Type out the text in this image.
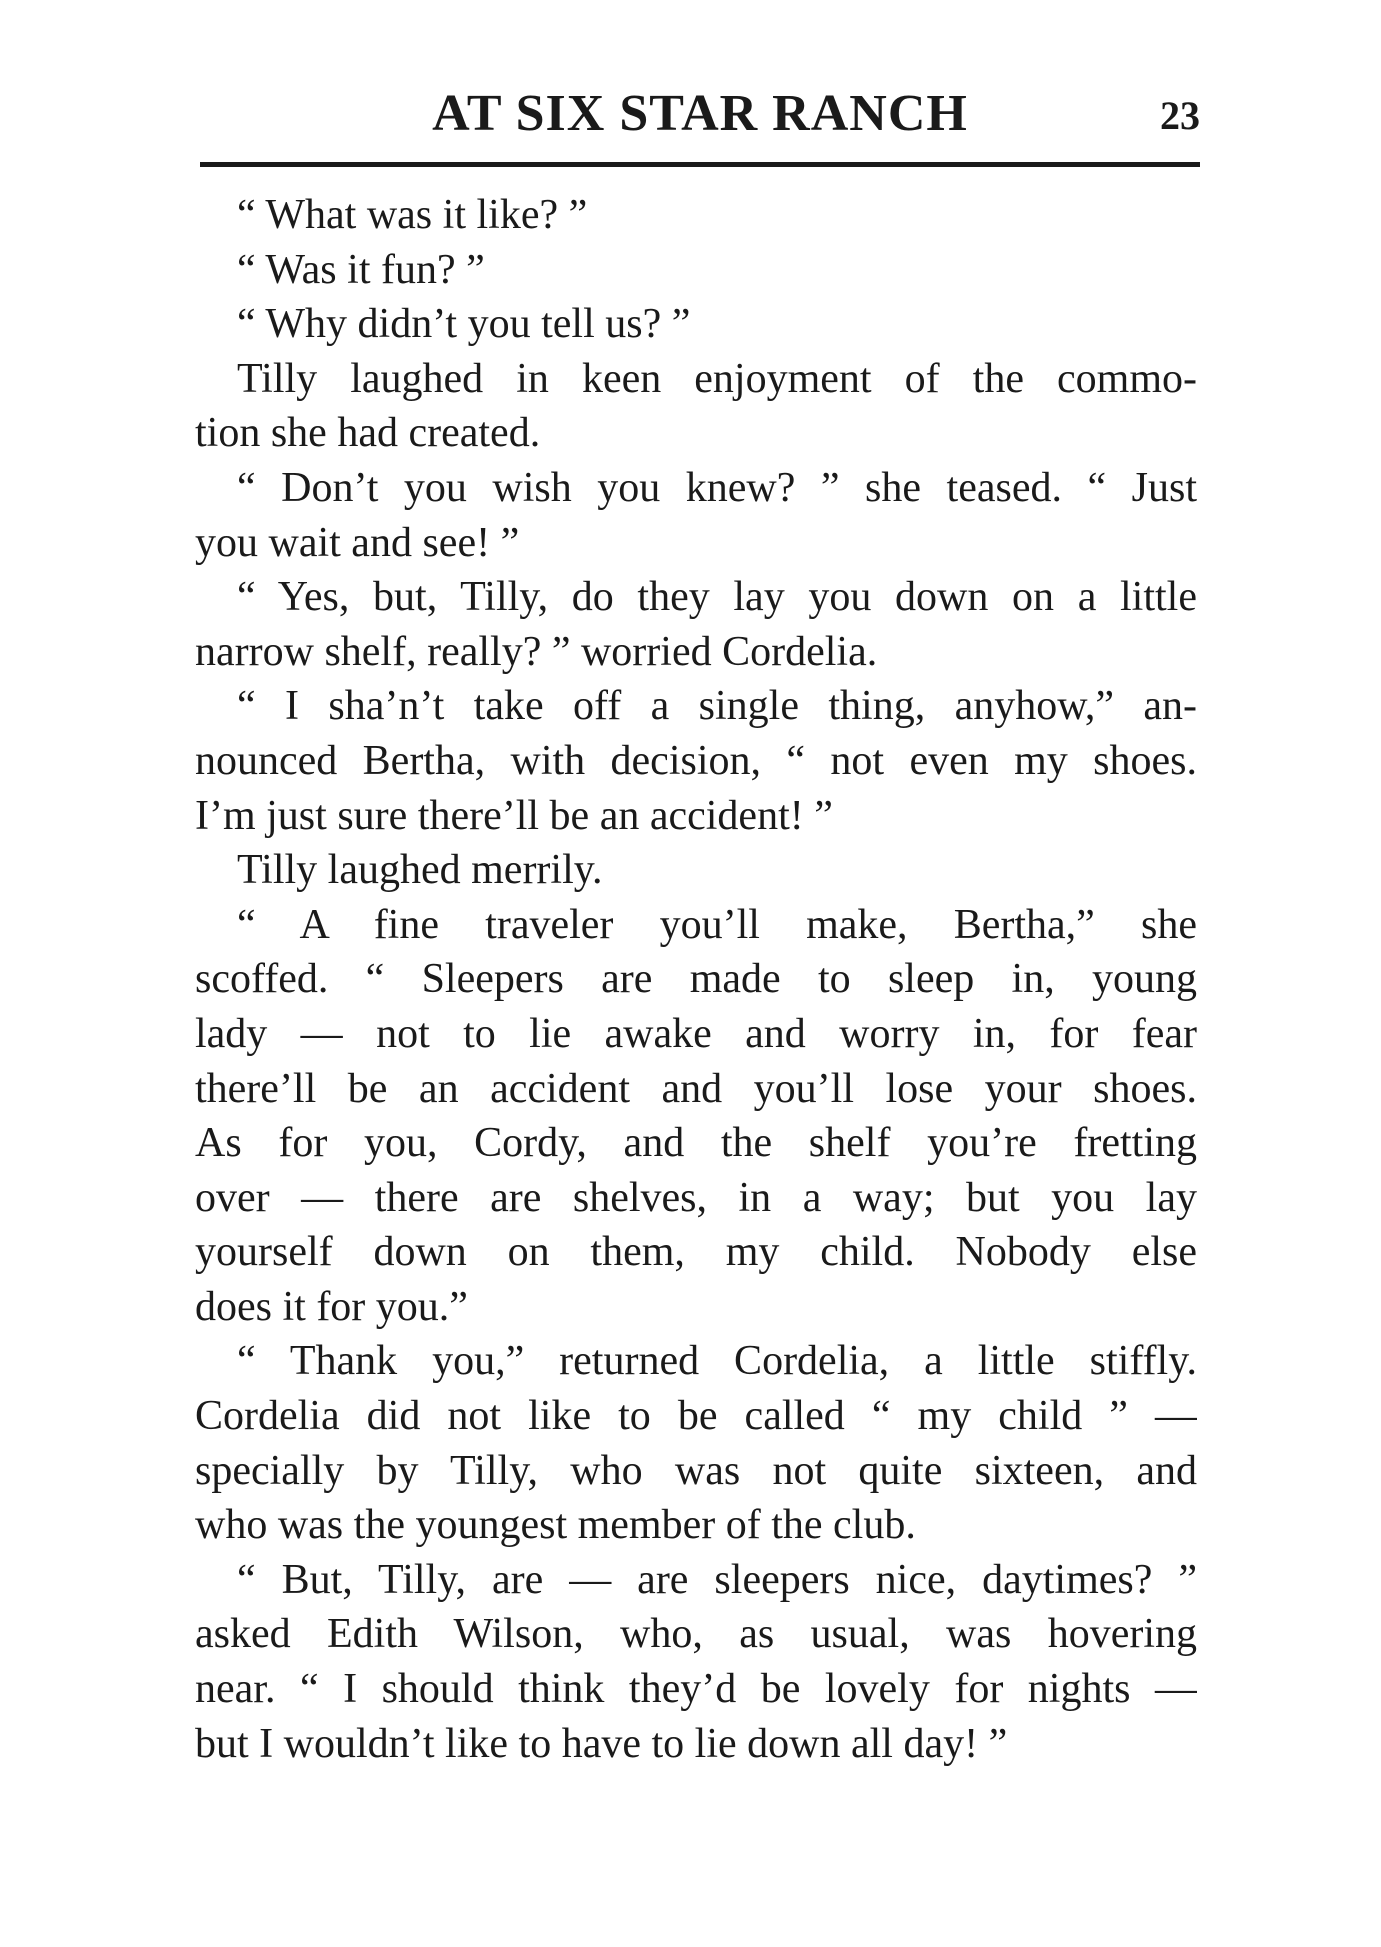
AT SIX STAR RANCH	23
“ What was it like? ”
“ Was it fun? ”
“ Why didn’t you tell us? ”
Tilly laughed in keen enjoyment of the commo-
tion she had created.
“ Don’t you wish you knew? ” she teased. “ Just
you wait and see! ”
“ Yes, but, Tilly, do they lay you down on a little
narrow shelf, really? ” worried Cordelia.
“ I sha’n’t take off a single thing, anyhow,” an-
nounced Bertha, with decision, “ not even my shoes.
I’m just sure there’ll be an accident! ”
Tilly laughed merrily.
“ A fine traveler you’ll make, Bertha,” she
scoffed. “ Sleepers are made to sleep in, young
lady — not to lie awake and worry in, for fear
there’ll be an accident and you’ll lose your shoes.
As for you, Cordy, and the shelf you’re fretting
over — there are shelves, in a way; but you lay
yourself down on them, my child. Nobody else
does it for you.”
“ Thank you,” returned Cordelia, a little stiffly.
Cordelia did not like to be called “ my child ” —
specially by Tilly, who was not quite sixteen, and
who was the youngest member of the club.
“ But, Tilly, are — are sleepers nice, daytimes? ”
asked Edith Wilson, who, as usual, was hovering
near. “ I should think they’d be lovely for nights —
but I wouldn’t like to have to lie down all day! ”
